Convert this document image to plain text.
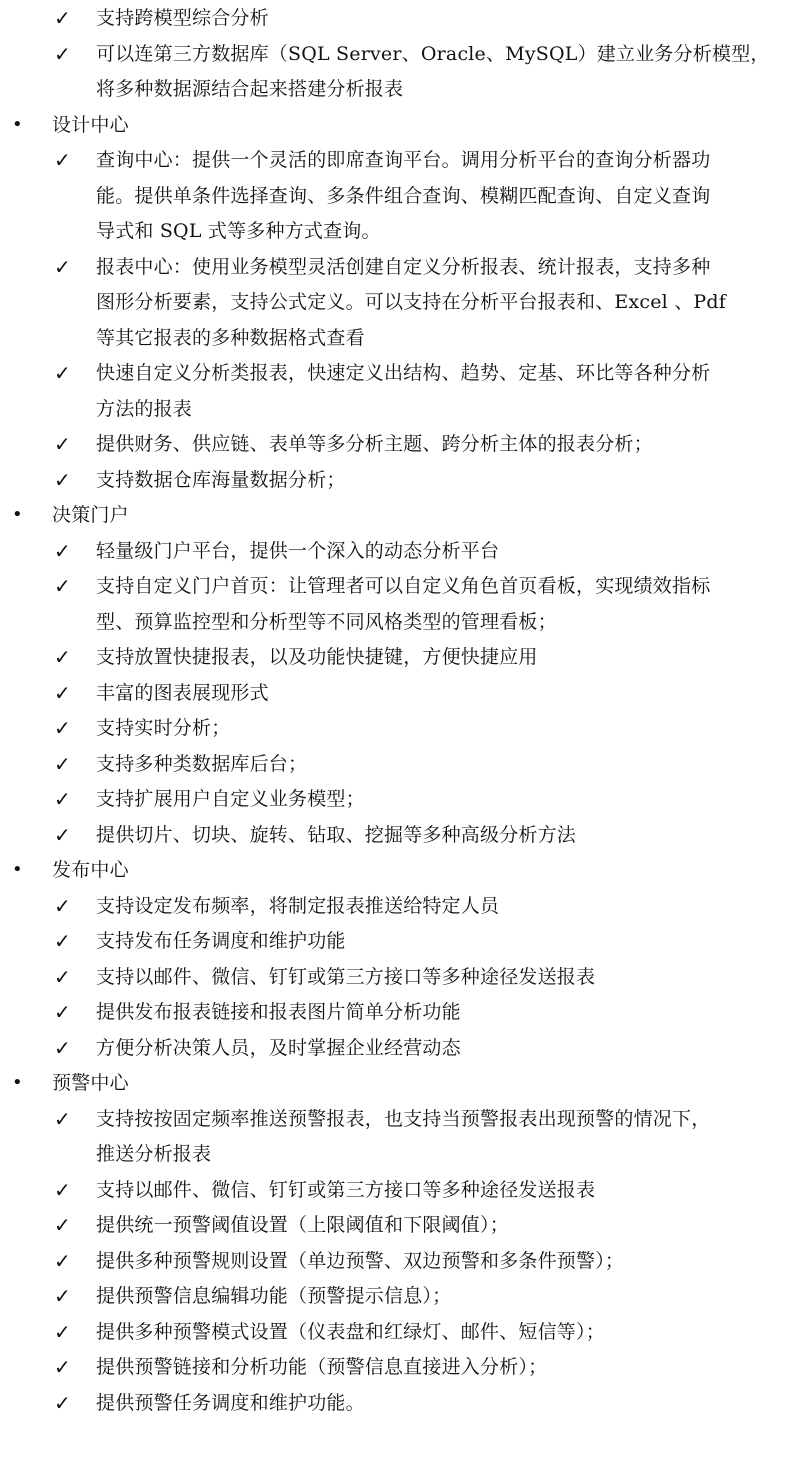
✓ 支持跨模型综合分析
✓ 可以连第三方数据库（SQL Server、Oracle、MySQL）建立业务分析模型，
将多种数据源结合起来搭建分析报表
• 设计中心
✓ 查询中心：提供一个灵活的即席查询平台。调用分析平台的查询分析器功
能。提供单条件选择查询、多条件组合查询、模糊匹配查询、自定义查询
导式和 SQL 式等多种方式查询。
✓ 报表中心：使用业务模型灵活创建自定义分析报表、统计报表，支持多种
图形分析要素，支持公式定义。可以支持在分析平台报表和、Excel 、Pdf
等其它报表的多种数据格式查看
✓ 快速自定义分析类报表，快速定义出结构、趋势、定基、环比等各种分析
方法的报表
✓ 提供财务、供应链、表单等多分析主题、跨分析主体的报表分析；
✓ 支持数据仓库海量数据分析；
• 决策门户
✓ 轻量级门户平台，提供一个深入的动态分析平台
✓ 支持自定义门户首页：让管理者可以自定义角色首页看板，实现绩效指标
型、预算监控型和分析型等不同风格类型的管理看板；
✓ 支持放置快捷报表，以及功能快捷键，方便快捷应用
✓ 丰富的图表展现形式
✓ 支持实时分析；
✓ 支持多种类数据库后台；
✓ 支持扩展用户自定义业务模型；
✓ 提供切片、切块、旋转、钻取、挖掘等多种高级分析方法
• 发布中心
✓ 支持设定发布频率，将制定报表推送给特定人员
✓ 支持发布任务调度和维护功能
✓ 支持以邮件、微信、钉钉或第三方接口等多种途径发送报表
✓ 提供发布报表链接和报表图片简单分析功能
✓ 方便分析决策人员，及时掌握企业经营动态
• 预警中心
✓ 支持按按固定频率推送预警报表，也支持当预警报表出现预警的情况下，
推送分析报表
✓ 支持以邮件、微信、钉钉或第三方接口等多种途径发送报表
✓ 提供统一预警阈值设置（上限阈值和下限阈值）；
✓ 提供多种预警规则设置（单边预警、双边预警和多条件预警）；
✓ 提供预警信息编辑功能（预警提示信息）；
✓ 提供多种预警模式设置（仪表盘和红绿灯、邮件、短信等）；
✓ 提供预警链接和分析功能（预警信息直接进入分析）；
✓ 提供预警任务调度和维护功能。
